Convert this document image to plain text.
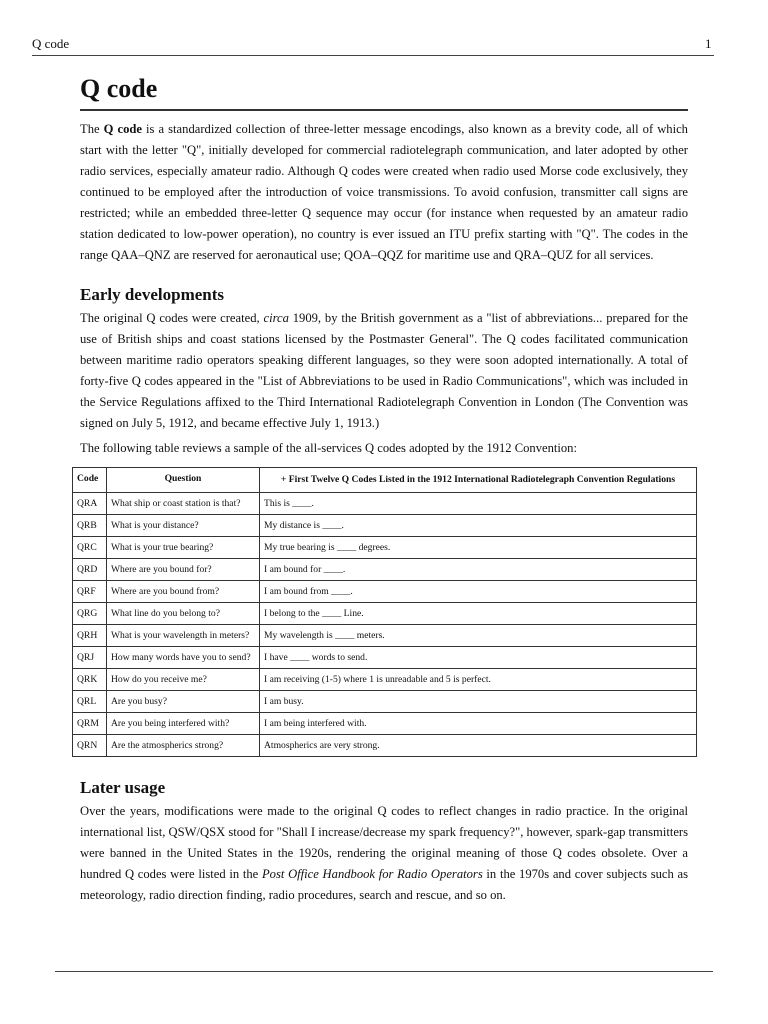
Q code	1
Q code

The Q code is a standardized collection of three-letter message encodings, also known as a brevity code, all of which start with the letter "Q", initially developed for commercial radiotelegraph communication, and later adopted by other radio services, especially amateur radio. Although Q codes were created when radio used Morse code exclusively, they continued to be employed after the introduction of voice transmissions. To avoid confusion, transmitter call signs are restricted; while an embedded three-letter Q sequence may occur (for instance when requested by an amateur radio station dedicated to low-power operation), no country is ever issued an ITU prefix starting with "Q". The codes in the range QAA–QNZ are reserved for aeronautical use; QOA–QQZ for maritime use and QRA–QUZ for all services.

Early developments

The original Q codes were created, circa 1909, by the British government as a "list of abbreviations... prepared for the use of British ships and coast stations licensed by the Postmaster General". The Q codes facilitated communication between maritime radio operators speaking different languages, so they were soon adopted internationally. A total of forty-five Q codes appeared in the "List of Abbreviations to be used in Radio Communications", which was included in the Service Regulations affixed to the Third International Radiotelegraph Convention in London (The Convention was signed on July 5, 1912, and became effective July 1, 1913.)

The following table reviews a sample of the all-services Q codes adopted by the 1912 Convention:

Code	Question	+ First Twelve Q Codes Listed in the 1912 International Radiotelegraph Convention Regulations
QRA	What ship or coast station is that?	This is ____.
QRB	What is your distance?	My distance is ____.
QRC	What is your true bearing?	My true bearing is ____ degrees.
QRD	Where are you bound for?	I am bound for ____.
QRF	Where are you bound from?	I am bound from ____.
QRG	What line do you belong to?	I belong to the ____ Line.
QRH	What is your wavelength in meters?	My wavelength is ____ meters.
QRJ	How many words have you to send?	I have ____ words to send.
QRK	How do you receive me?	I am receiving (1-5) where 1 is unreadable and 5 is perfect.
QRL	Are you busy?	I am busy.
QRM	Are you being interfered with?	I am being interfered with.
QRN	Are the atmospherics strong?	Atmospherics are very strong.
Later usage

Over the years, modifications were made to the original Q codes to reflect changes in radio practice. In the original international list, QSW/QSX stood for "Shall I increase/decrease my spark frequency?", however, spark-gap transmitters were banned in the United States in the 1920s, rendering the original meaning of those Q codes obsolete. Over a hundred Q codes were listed in the Post Office Handbook for Radio Operators in the 1970s and cover subjects such as meteorology, radio direction finding, radio procedures, search and rescue, and so on.
